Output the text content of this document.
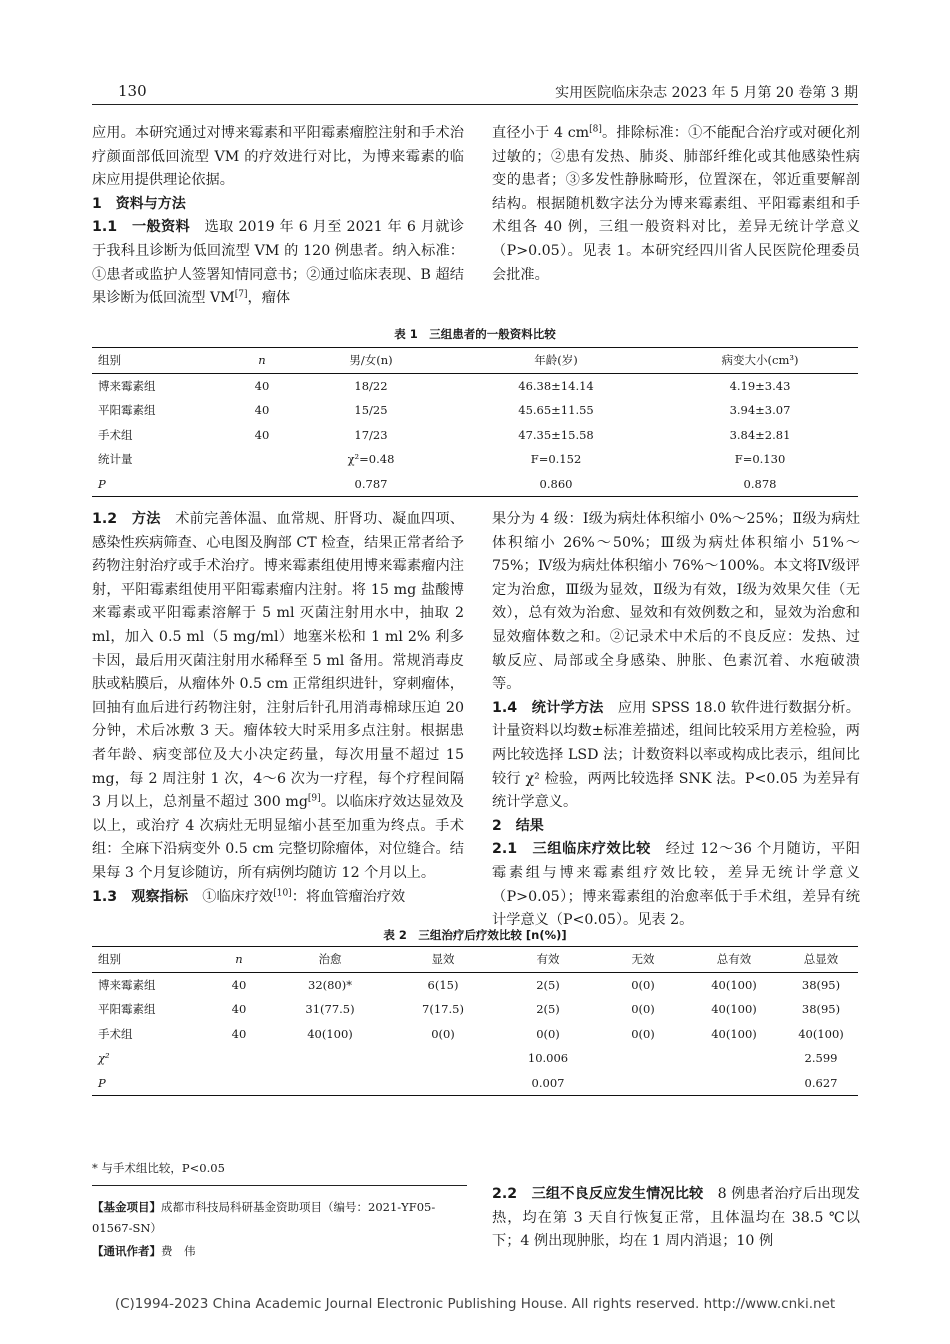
130	实用医院临床杂志 2023 年 5 月第 20 卷第 3 期

应用。本研究通过对博来霉素和平阳霉素瘤腔注射和手术治疗颜面部低回流型 VM 的疗效进行对比，为博来霉素的临床应用提供理论依据。

1　资料与方法

1.1　一般资料　选取 2019 年 6 月至 2021 年 6 月就诊于我科且诊断为低回流型 VM 的 120 例患者。纳入标准：①患者或监护人签署知情同意书；②通过临床表现、B 超结果诊断为低回流型 VM[7]，瘤体

直径小于 4 cm[8]。排除标准：①不能配合治疗或对硬化剂过敏的；②患有发热、肺炎、肺部纤维化或其他感染性病变的患者；③多发性静脉畸形，位置深在，邻近重要解剖结构。根据随机数字法分为博来霉素组、平阳霉素组和手术组各 40 例，三组一般资料对比，差异无统计学意义（P>0.05）。见表 1。本研究经四川省人民医院伦理委员会批准。

表 1　三组患者的一般资料比较
组别	n	男/女(n)	年龄(岁)	病变大小(cm³)
博来霉素组	40	18/22	46.38±14.14	4.19±3.43
平阳霉素组	40	15/25	45.65±11.55	3.94±3.07
手术组	40	17/23	47.35±15.58	3.84±2.81
统计量		χ²=0.48	F=0.152	F=0.130
P		0.787	0.860	0.878

1.2　方法　术前完善体温、血常规、肝肾功、凝血四项、感染性疾病筛查、心电图及胸部 CT 检查，结果正常者给予药物注射治疗或手术治疗。博来霉素组使用博来霉素瘤内注射，平阳霉素组使用平阳霉素瘤内注射。将 15 mg 盐酸博来霉素或平阳霉素溶解于 5 ml 灭菌注射用水中，抽取 2 ml，加入 0.5 ml（5 mg/ml）地塞米松和 1 ml 2% 利多卡因，最后用灭菌注射用水稀释至 5 ml 备用。常规消毒皮肤或粘膜后，从瘤体外 0.5 cm 正常组织进针，穿刺瘤体，回抽有血后进行药物注射，注射后针孔用消毒棉球压迫 20 分钟，术后冰敷 3 天。瘤体较大时采用多点注射。根据患者年龄、病变部位及大小决定药量，每次用量不超过 15 mg，每 2 周注射 1 次，4～6 次为一疗程，每个疗程间隔 3 月以上，总剂量不超过 300 mg[9]。以临床疗效达显效及以上，或治疗 4 次病灶无明显缩小甚至加重为终点。手术组：全麻下沿病变外 0.5 cm 完整切除瘤体，对位缝合。结果每 3 个月复诊随访，所有病例均随访 12 个月以上。

1.3　观察指标　①临床疗效[10]：将血管瘤治疗效

果分为 4 级：Ⅰ级为病灶体积缩小 0%～25%；Ⅱ级为病灶体积缩小 26%～50%；Ⅲ级为病灶体积缩小 51%～75%；Ⅳ级为病灶体积缩小 76%～100%。本文将Ⅳ级评定为治愈，Ⅲ级为显效，Ⅱ级为有效，Ⅰ级为效果欠佳（无效），总有效为治愈、显效和有效例数之和，显效为治愈和显效瘤体数之和。②记录术中术后的不良反应：发热、过敏反应、局部或全身感染、肿胀、色素沉着、水疱破溃等。

1.4　统计学方法　应用 SPSS 18.0 软件进行数据分析。计量资料以均数±标准差描述，组间比较采用方差检验，两两比较选择 LSD 法；计数资料以率或构成比表示，组间比较行 χ² 检验，两两比较选择 SNK 法。P<0.05 为差异有统计学意义。

2　结果

2.1　三组临床疗效比较　经过 12～36 个月随访，平阳霉素组与博来霉素组疗效比较，差异无统计学意义（P>0.05）；博来霉素组的治愈率低于手术组，差异有统计学意义（P<0.05）。见表 2。

表 2　三组治疗后疗效比较 [n(%)]
组别	n	治愈	显效	有效	无效	总有效	总显效
博来霉素组	40	32(80)*	6(15)	2(5)	0(0)	40(100)	38(95)
平阳霉素组	40	31(77.5)	7(17.5)	2(5)	0(0)	40(100)	38(95)
手术组	40	40(100)	0(0)	0(0)	0(0)	40(100)	40(100)
χ²				10.006			2.599
P				0.007			0.627
* 与手术组比较，P<0.05
【基金项目】成都市科技局科研基金资助项目（编号：2021-YF05-01567-SN）
【通讯作者】费　伟

2.2　三组不良反应发生情况比较　8 例患者治疗后出现发热，均在第 3 天自行恢复正常，且体温均在 38.5 ℃以下；4 例出现肿胀，均在 1 周内消退；10 例

(C)1994-2023 China Academic Journal Electronic Publishing House. All rights reserved. http://www.cnki.net
